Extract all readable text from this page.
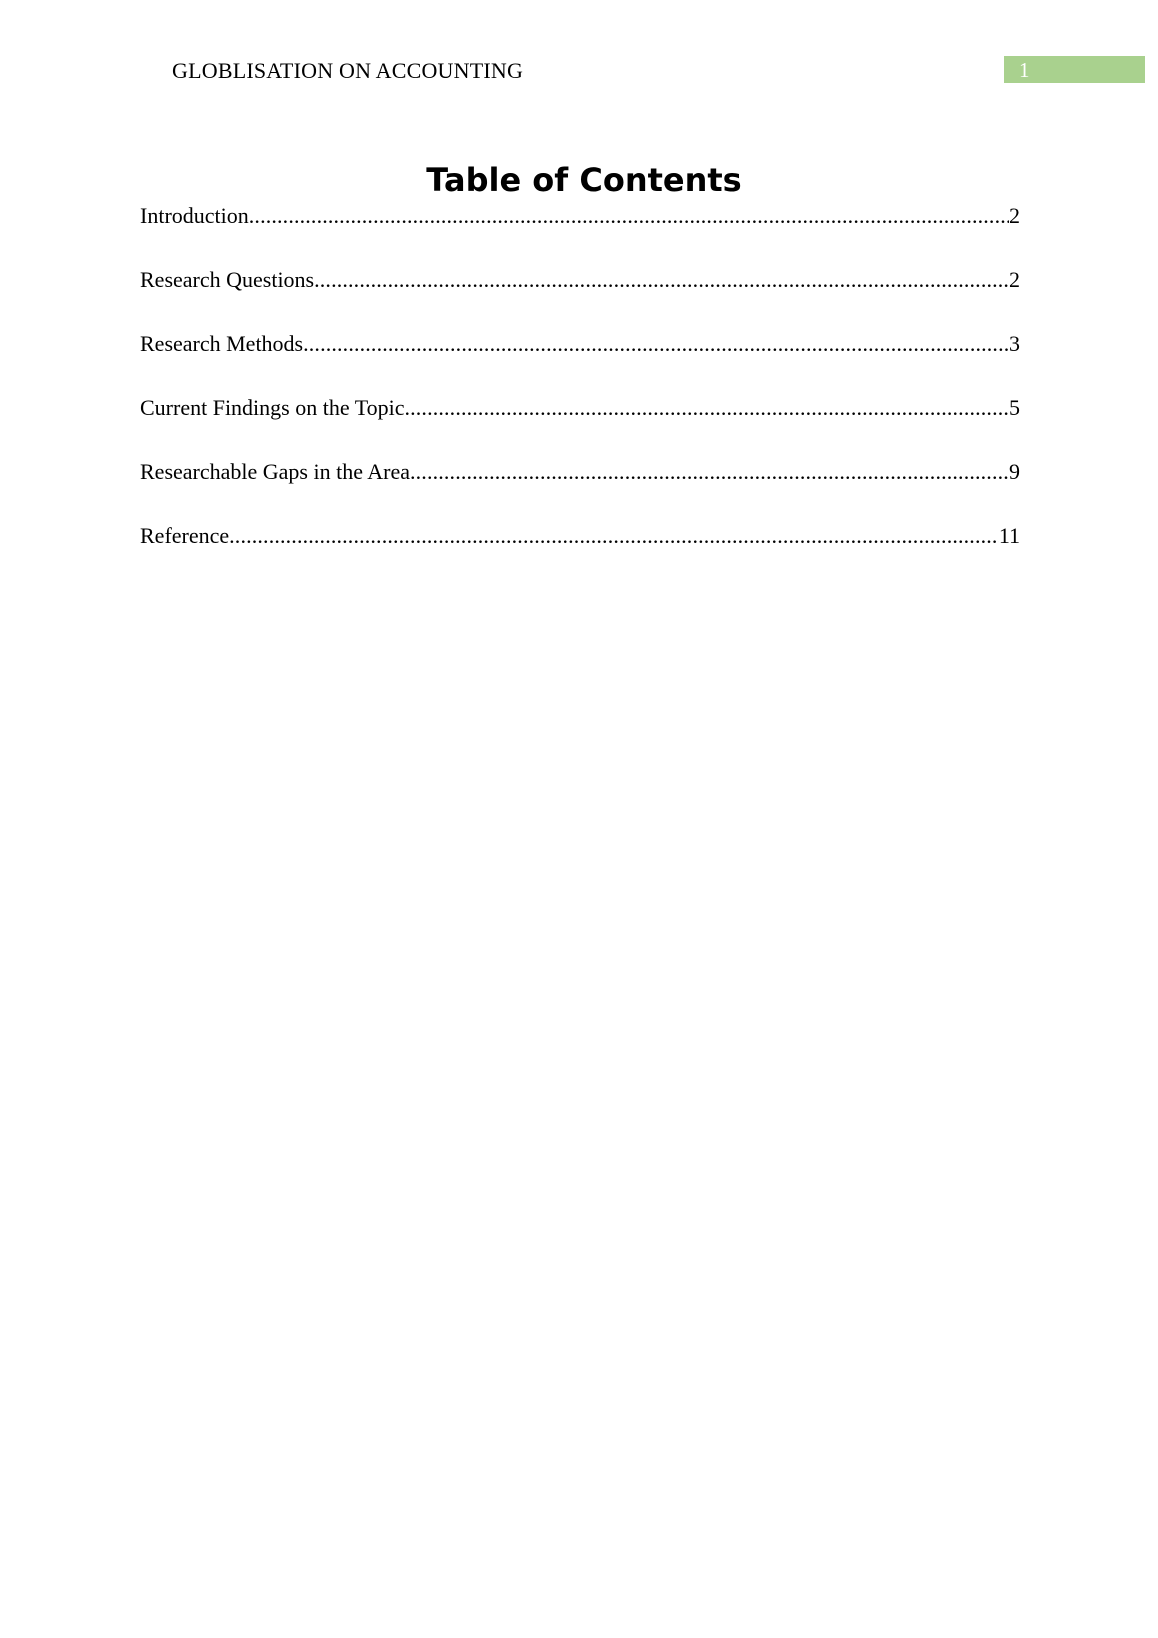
GLOBLISATION ON ACCOUNTING	1
Table of Contents
Introduction .....	2
Research Questions .....	2
Research Methods .....	3
Current Findings on the Topic .....	5
Researchable Gaps in the Area .....	9
Reference .....	11
